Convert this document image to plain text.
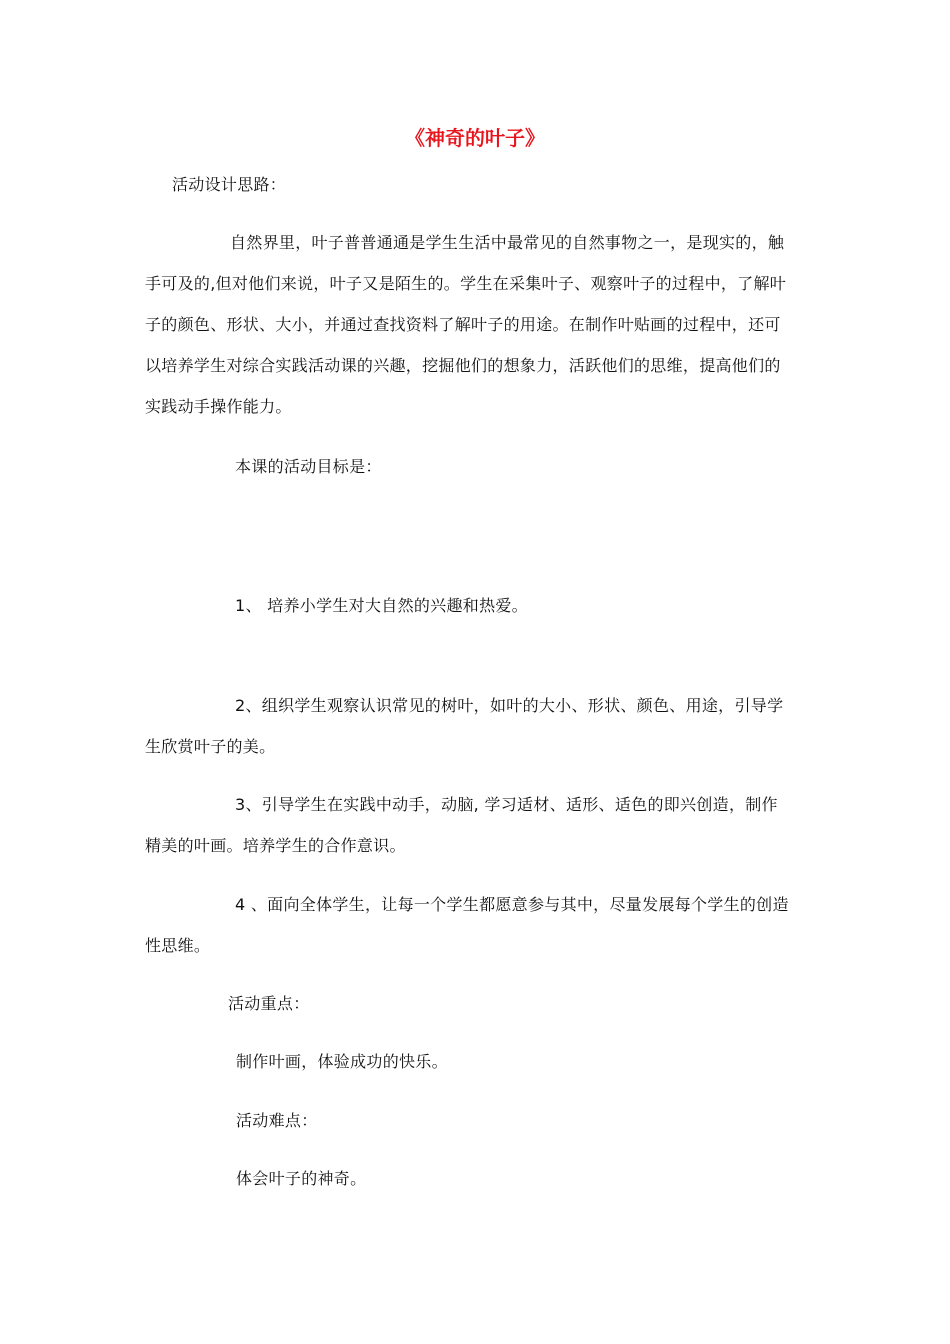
《神奇的叶子》
活动设计思路：
自然界里，叶子普普通通是学生生活中最常见的自然事物之一，是现实的，触
手可及的,但对他们来说，叶子又是陌生的。学生在采集叶子、观察叶子的过程中，了解叶
子的颜色、形状、大小，并通过查找资料了解叶子的用途。在制作叶贴画的过程中，还可
以培养学生对综合实践活动课的兴趣，挖掘他们的想象力，活跃他们的思维，提高他们的
实践动手操作能力。
本课的活动目标是：
1、 培养小学生对大自然的兴趣和热爱。
2、组织学生观察认识常见的树叶，如叶的大小、形状、颜色、用途，引导学
生欣赏叶子的美。
3、引导学生在实践中动手，动脑, 学习适材、适形、适色的即兴创造，制作
精美的叶画。培养学生的合作意识。
4 、面向全体学生，让每一个学生都愿意参与其中，尽量发展每个学生的创造
性思维。
活动重点：
制作叶画，体验成功的快乐。
活动难点：
体会叶子的神奇。
